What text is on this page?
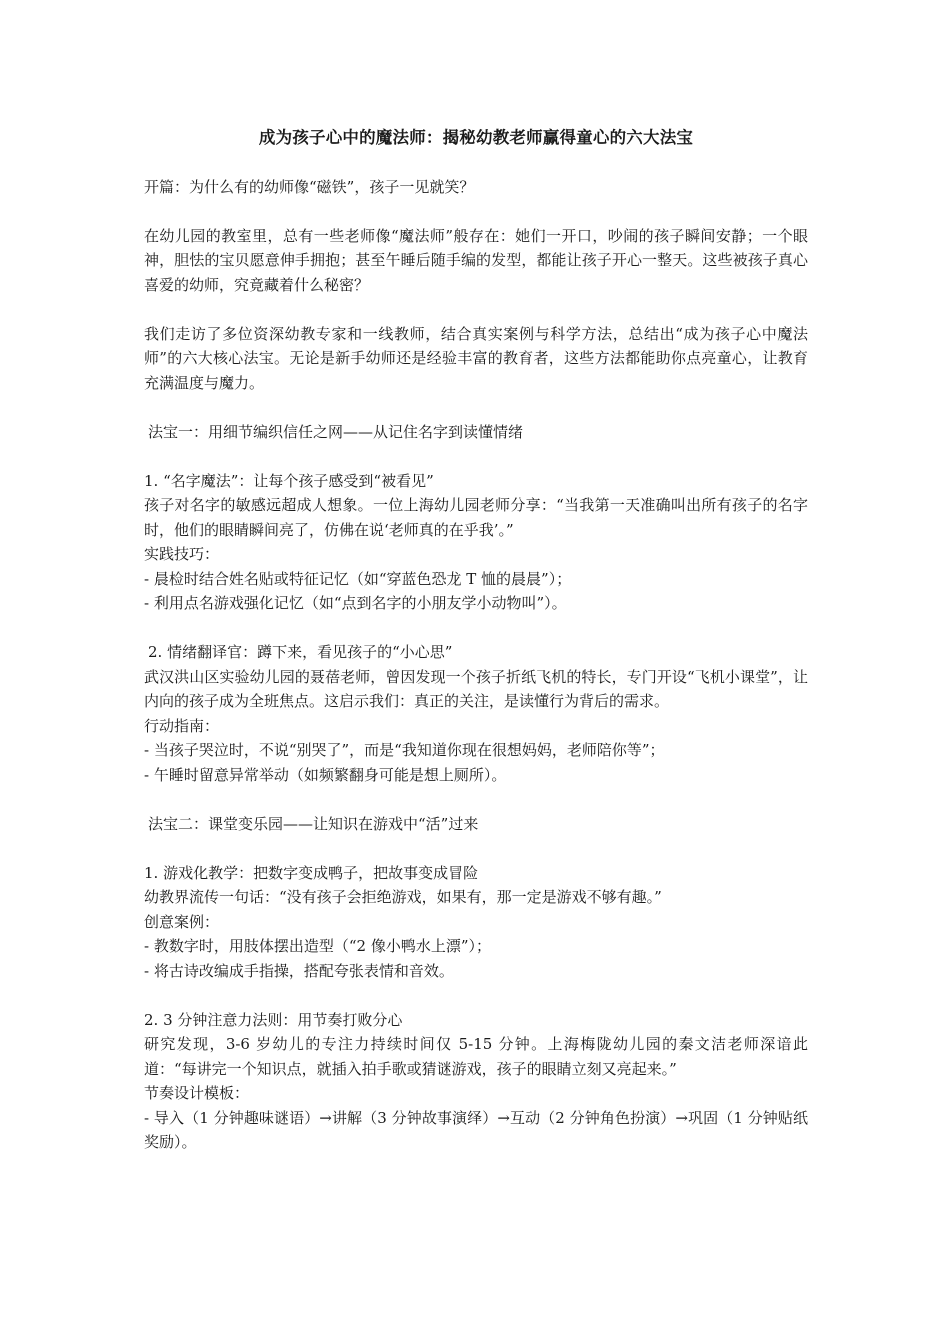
成为孩子心中的魔法师：揭秘幼教老师赢得童心的六大法宝
开篇：为什么有的幼师像“磁铁”，孩子一见就笑？
在幼儿园的教室里，总有一些老师像“魔法师”般存在：她们一开口，吵闹的孩子瞬间安静；一个眼神，胆怯的宝贝愿意伸手拥抱；甚至午睡后随手编的发型，都能让孩子开心一整天。这些被孩子真心喜爱的幼师，究竟藏着什么秘密？
我们走访了多位资深幼教专家和一线教师，结合真实案例与科学方法，总结出“成为孩子心中魔法师”的六大核心法宝。无论是新手幼师还是经验丰富的教育者，这些方法都能助你点亮童心，让教育充满温度与魔力。
法宝一：用细节编织信任之网——从记住名字到读懂情绪
1. “名字魔法”：让每个孩子感受到“被看见”
孩子对名字的敏感远超成人想象。一位上海幼儿园老师分享：“当我第一天准确叫出所有孩子的名字时，他们的眼睛瞬间亮了，仿佛在说‘老师真的在乎我’。”
实践技巧：
- 晨检时结合姓名贴或特征记忆（如“穿蓝色恐龙 T 恤的晨晨”）；
- 利用点名游戏强化记忆（如“点到名字的小朋友学小动物叫”）。
2. 情绪翻译官：蹲下来，看见孩子的“小心思”
武汉洪山区实验幼儿园的聂蓓老师，曾因发现一个孩子折纸飞机的特长，专门开设“飞机小课堂”，让内向的孩子成为全班焦点。这启示我们：真正的关注，是读懂行为背后的需求。
行动指南：
- 当孩子哭泣时，不说“别哭了”，而是“我知道你现在很想妈妈，老师陪你等”；
- 午睡时留意异常举动（如频繁翻身可能是想上厕所）。
法宝二：课堂变乐园——让知识在游戏中“活”过来
1. 游戏化教学：把数字变成鸭子，把故事变成冒险
幼教界流传一句话：“没有孩子会拒绝游戏，如果有，那一定是游戏不够有趣。”
创意案例：
- 教数字时，用肢体摆出造型（“2 像小鸭水上漂”）；
- 将古诗改编成手指操，搭配夸张表情和音效。
2. 3 分钟注意力法则：用节奏打败分心
研究发现，3-6 岁幼儿的专注力持续时间仅 5-15 分钟。上海梅陇幼儿园的秦文洁老师深谙此道：“每讲完一个知识点，就插入拍手歌或猜谜游戏，孩子的眼睛立刻又亮起来。”
节奏设计模板：
- 导入（1 分钟趣味谜语）→讲解（3 分钟故事演绎）→互动（2 分钟角色扮演）→巩固（1 分钟贴纸奖励）。
